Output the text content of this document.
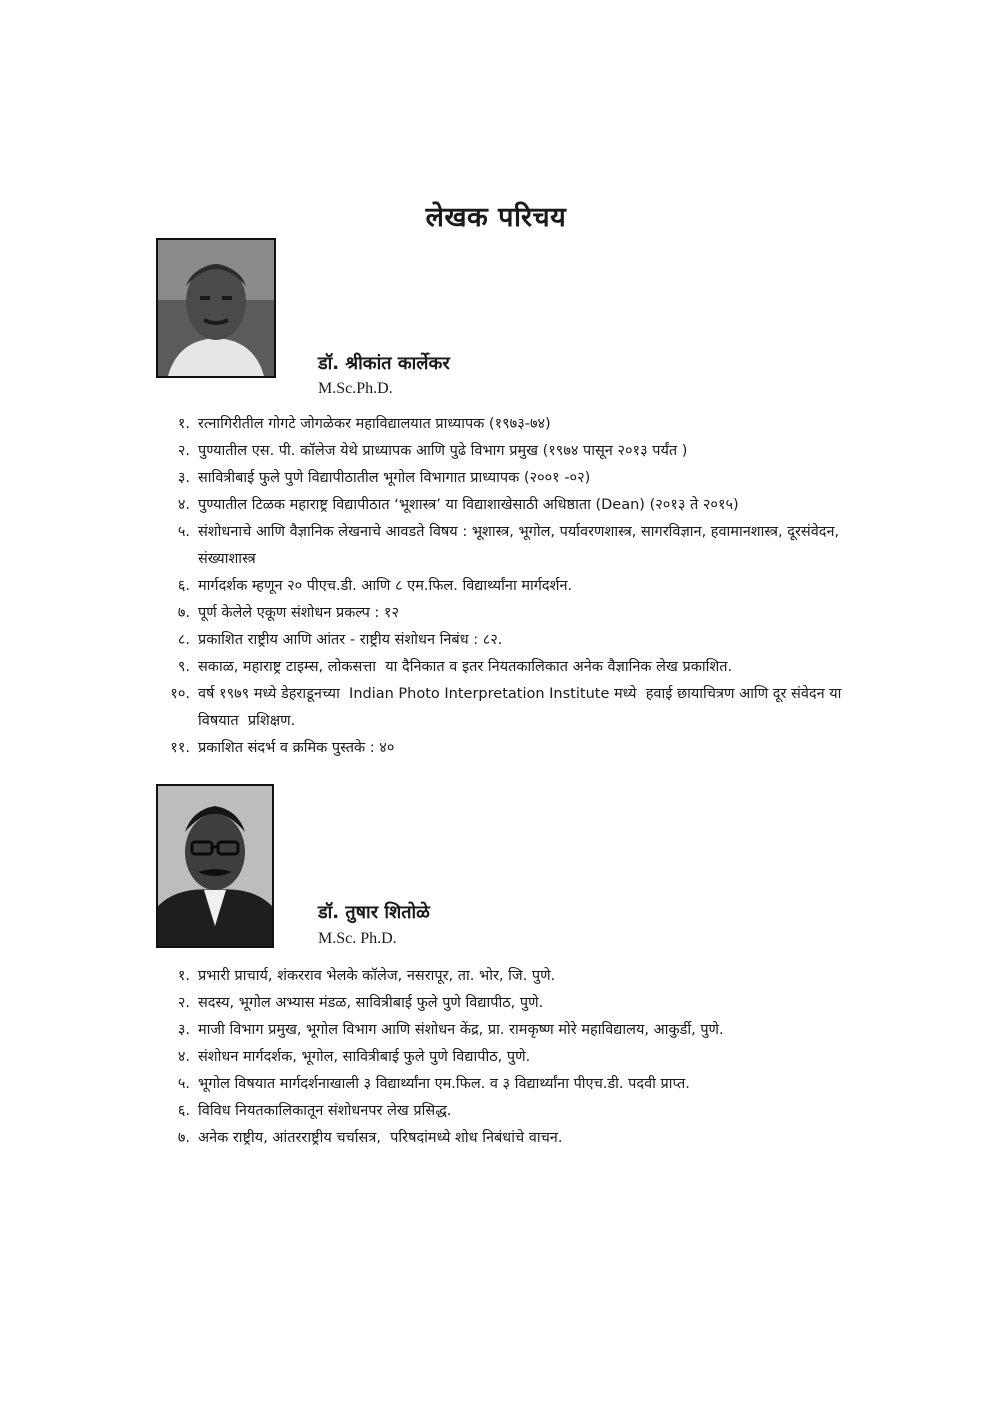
लेखक परिचय
डॉ. श्रीकांत कार्लेकर
M.Sc.Ph.D.
१. रत्नागिरीतील गोगटे जोगळेकर महाविद्यालयात प्राध्यापक (१९७३-७४)
२. पुण्यातील एस. पी. कॉलेज येथे प्राध्यापक आणि पुढे विभाग प्रमुख (१९७४ पासून २०१३ पर्यंत )
३. सावित्रीबाई फुले पुणे विद्यापीठातील भूगोल विभागात प्राध्यापक (२००१ -०२)
४. पुण्यातील टिळक महाराष्ट्र विद्यापीठात ‘भूशास्त्र’ या विद्याशाखेसाठी अधिष्ठाता (Dean) (२०१३ ते २०१५)
५. संशोधनाचे आणि वैज्ञानिक लेखनाचे आवडते विषय : भूशास्त्र, भूगोल, पर्यावरणशास्त्र, सागरविज्ञान, हवामानशास्त्र, दूरसंवेदन, संख्याशास्त्र
६. मार्गदर्शक म्हणून २० पीएच.डी. आणि ८ एम.फिल. विद्यार्थ्यांना मार्गदर्शन.
७. पूर्ण केलेले एकूण संशोधन प्रकल्प : १२
८. प्रकाशित राष्ट्रीय आणि आंतर - राष्ट्रीय संशोधन निबंध : ८२.
९. सकाळ, महाराष्ट्र टाइम्स, लोकसत्ता  या दैनिकात व इतर नियतकालिकात अनेक वैज्ञानिक लेख प्रकाशित.
१०. वर्ष १९७९ मध्ये डेहराडूनच्या  Indian Photo Interpretation Institute मध्ये  हवाई छायाचित्रण आणि दूर संवेदन या विषयात  प्रशिक्षण.
११. प्रकाशित संदर्भ व क्रमिक पुस्तके : ४०
डॉ. तुषार शितोळे
M.Sc. Ph.D.
१. प्रभारी प्राचार्य, शंकरराव भेलके कॉलेज, नसरापूर, ता. भोर, जि. पुणे.
२. सदस्य, भूगोल अभ्यास मंडळ, सावित्रीबाई फुले पुणे विद्यापीठ, पुणे.
३. माजी विभाग प्रमुख, भूगोल विभाग आणि संशोधन केंद्र, प्रा. रामकृष्ण मोरे महाविद्यालय, आकुर्डी, पुणे.
४. संशोधन मार्गदर्शक, भूगोल, सावित्रीबाई फुले पुणे विद्यापीठ, पुणे.
५. भूगोल विषयात मार्गदर्शनाखाली ३ विद्यार्थ्यांना एम.फिल. व ३ विद्यार्थ्यांना पीएच.डी. पदवी प्राप्त.
६. विविध नियतकालिकातून संशोधनपर लेख प्रसिद्ध.
७. अनेक राष्ट्रीय, आंतरराष्ट्रीय चर्चासत्र,  परिषदांमध्ये शोध निबंधांचे वाचन.
